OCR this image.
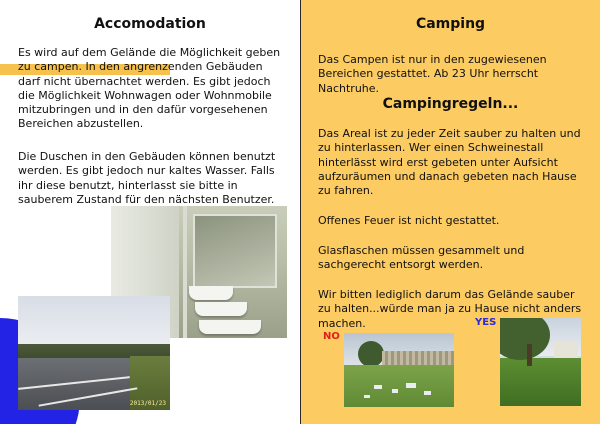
Accomodation

Es wird auf dem Gelände die Möglichkeit geben zu campen. In den angrenzenden Gebäuden darf nicht übernachtet werden. Es gibt jedoch die Möglichkeit Wohnwagen oder Wohnmobile mitzubringen und in den dafür vorgesehenen Bereichen abzustellen.

Die Duschen in den Gebäuden können benutzt werden. Es gibt jedoch nur kaltes Wasser. Falls ihr diese benutzt, hinterlasst sie bitte in sauberem Zustand für den nächsten Benutzer.

2013/01/23
Camping

Das Campen ist nur in den zugewiesenen Bereichen gestattet. Ab 23 Uhr herrscht Nachtruhe.

Campingregeln...

Das Areal ist zu jeder Zeit sauber zu halten und zu hinterlassen. Wer einen Schweinestall hinterlässt wird erst gebeten unter Aufsicht aufzuräumen und danach gebeten nach Hause zu fahren.

Offenes Feuer ist nicht gestattet.

Glasflaschen müssen gesammelt und sachgerecht entsorgt werden.

Wir bitten lediglich darum das Gelände sauber zu halten...würde man ja zu Hause nicht anders machen.

NO
YES
